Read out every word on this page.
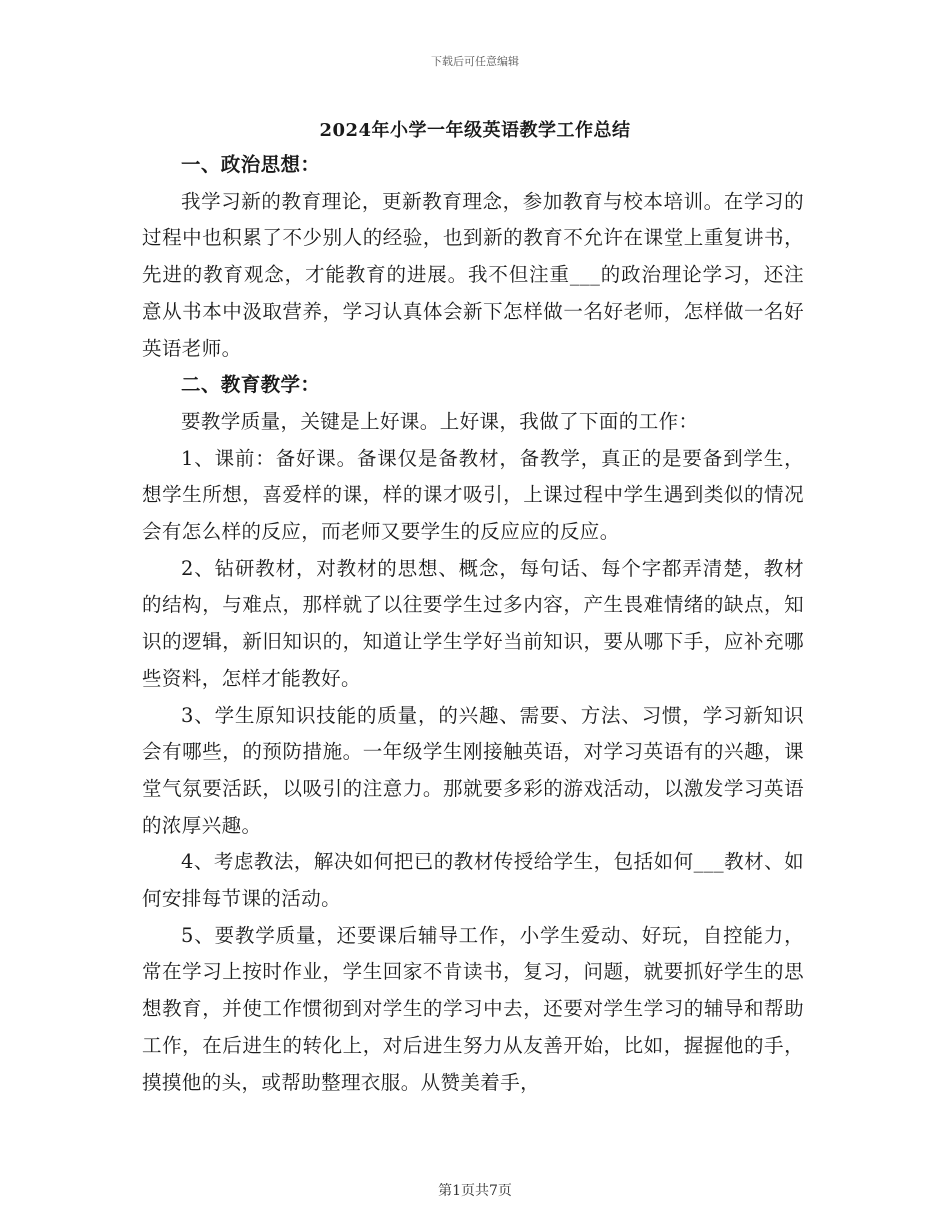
下载后可任意编辑
2024年小学一年级英语教学工作总结

一、政治思想：

我学习新的教育理论，更新教育理念，参加教育与校本培训。在学习的过程中也积累了不少别人的经验，也到新的教育不允许在课堂上重复讲书，先进的教育观念，才能教育的进展。我不但注重___的政治理论学习，还注意从书本中汲取营养，学习认真体会新下怎样做一名好老师，怎样做一名好英语老师。

二、教育教学：

要教学质量，关键是上好课。上好课，我做了下面的工作：

1、课前：备好课。备课仅是备教材，备教学，真正的是要备到学生，想学生所想，喜爱样的课，样的课才吸引，上课过程中学生遇到类似的情况会有怎么样的反应，而老师又要学生的反应应的反应。

2、钻研教材，对教材的思想、概念，每句话、每个字都弄清楚，教材的结构，与难点，那样就了以往要学生过多内容，产生畏难情绪的缺点，知识的逻辑，新旧知识的，知道让学生学好当前知识，要从哪下手，应补充哪些资料，怎样才能教好。

3、学生原知识技能的质量，的兴趣、需要、方法、习惯，学习新知识会有哪些，的预防措施。一年级学生刚接触英语，对学习英语有的兴趣，课堂气氛要活跃，以吸引的注意力。那就要多彩的游戏活动，以激发学习英语的浓厚兴趣。

4、考虑教法，解决如何把已的教材传授给学生，包括如何___教材、如何安排每节课的活动。

5、要教学质量，还要课后辅导工作，小学生爱动、好玩，自控能力，常在学习上按时作业，学生回家不肯读书，复习，问题，就要抓好学生的思想教育，并使工作惯彻到对学生的学习中去，还要对学生学习的辅导和帮助工作，在后进生的转化上，对后进生努力从友善开始，比如，握握他的手，摸摸他的头，或帮助整理衣服。从赞美着手，

第1页共7页
